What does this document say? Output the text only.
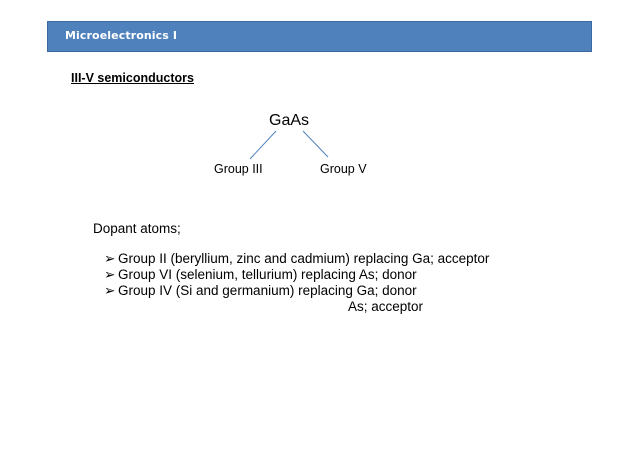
Microelectronics I
III-V semiconductors
GaAs
Group III	Group V
Dopant atoms;
➢ Group II (beryllium, zinc and cadmium) replacing Ga; acceptor
➢ Group VI (selenium, tellurium) replacing As; donor
➢ Group IV (Si and germanium) replacing Ga; donor
As; acceptor
